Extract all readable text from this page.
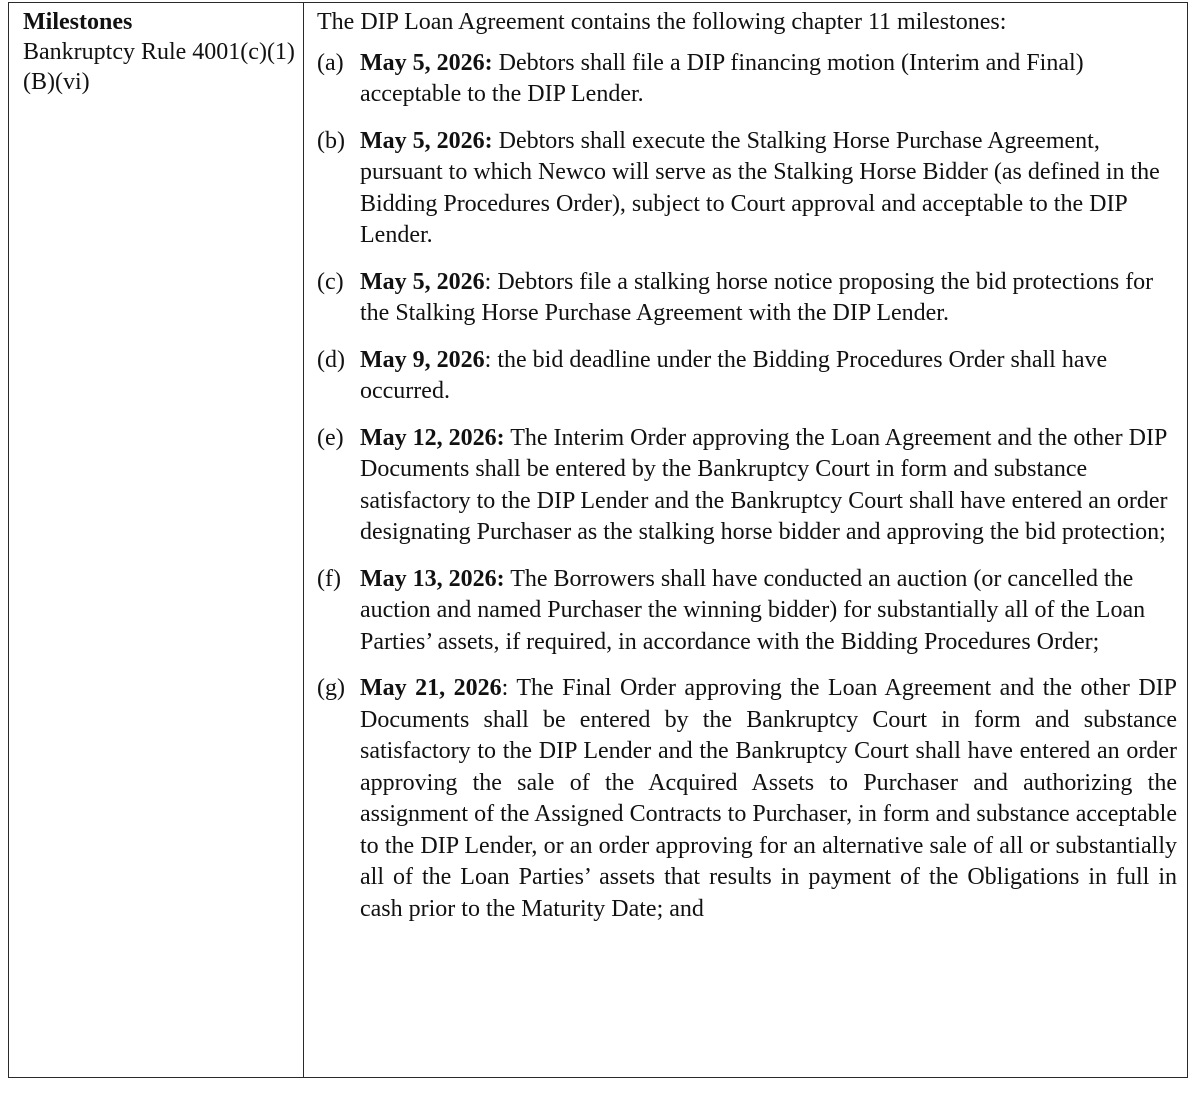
Milestones
Bankruptcy Rule 4001(c)(1)(B)(vi)

The DIP Loan Agreement contains the following chapter 11 milestones:
(a) May 5, 2026: Debtors shall file a DIP financing motion (Interim and Final) acceptable to the DIP Lender.
(b) May 5, 2026: Debtors shall execute the Stalking Horse Purchase Agreement, pursuant to which Newco will serve as the Stalking Horse Bidder (as defined in the Bidding Procedures Order), subject to Court approval and acceptable to the DIP Lender.
(c) May 5, 2026: Debtors file a stalking horse notice proposing the bid protections for the Stalking Horse Purchase Agreement with the DIP Lender.
(d) May 9, 2026: the bid deadline under the Bidding Procedures Order shall have occurred.
(e) May 12, 2026: The Interim Order approving the Loan Agreement and the other DIP Documents shall be entered by the Bankruptcy Court in form and substance satisfactory to the DIP Lender and the Bankruptcy Court shall have entered an order designating Purchaser as the stalking horse bidder and approving the bid protection;
(f) May 13, 2026: The Borrowers shall have conducted an auction (or cancelled the auction and named Purchaser the winning bidder) for substantially all of the Loan Parties’ assets, if required, in accordance with the Bidding Procedures Order;
(g) May 21, 2026: The Final Order approving the Loan Agreement and the other DIP Documents shall be entered by the Bankruptcy Court in form and substance satisfactory to the DIP Lender and the Bankruptcy Court shall have entered an order approving the sale of the Acquired Assets to Purchaser and authorizing the assignment of the Assigned Contracts to Purchaser, in form and substance acceptable to the DIP Lender, or an order approving for an alternative sale of all or substantially all of the Loan Parties’ assets that results in payment of the Obligations in full in cash prior to the Maturity Date; and
